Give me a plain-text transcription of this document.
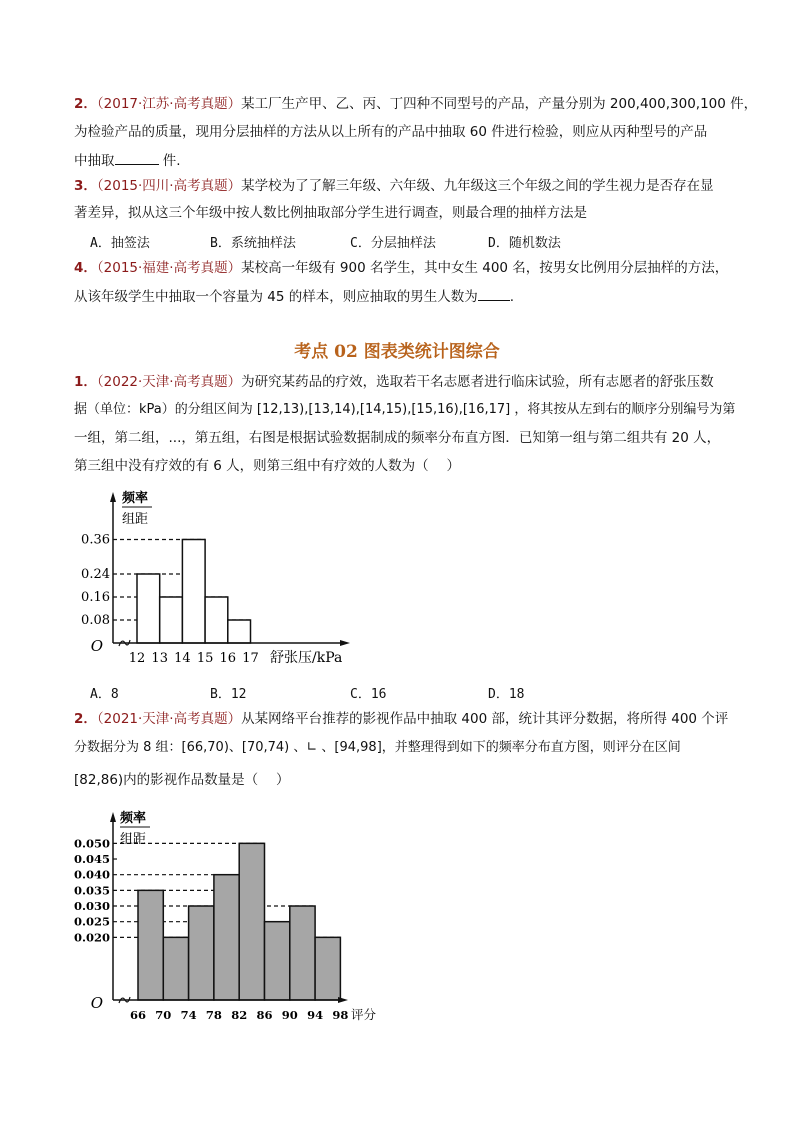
2．（2017·江苏·高考真题）某工厂生产甲、乙、丙、丁四种不同型号的产品，产量分别为 200,400,300,100 件，
为检验产品的质量，现用分层抽样的方法从以上所有的产品中抽取 60 件进行检验，则应从丙种型号的产品
中抽取	件.
3．（2015·四川·高考真题）某学校为了了解三年级、六年级、九年级这三个年级之间的学生视力是否存在显
著差异，拟从这三个年级中按人数比例抽取部分学生进行调查，则最合理的抽样方法是
A．抽签法	B．系统抽样法	C．分层抽样法	D．随机数法
4．（2015·福建·高考真题）某校高一年级有 900 名学生，其中女生 400 名，按男女比例用分层抽样的方法，
从该年级学生中抽取一个容量为 45 的样本，则应抽取的男生人数为 .
考点 02 图表类统计图综合
1．（2022·天津·高考真题）为研究某药品的疗效，选取若干名志愿者进行临床试验，所有志愿者的舒张压数
据（单位：kPa）的分组区间为 [12,13),[13,14),[14,15),[15,16),[16,17] ，将其按从左到右的顺序分别编号为第
一组，第二组，...，第五组，右图是根据试验数据制成的频率分布直方图．已知第一组与第二组共有 20 人，
第三组中没有疗效的有 6 人，则第三组中有疗效的人数为（　 ）
0.08
0.16
0.24
0.36
O
12 13 14 15 16 17 舒张压/kPa
频率
组距
0.020
0.025
0.030
0.035
0.040
0.045
0.050
O
66 70 74 78 82 86 90 94 98 评分
频率
组距
A．8	B．12	C．16	D．18
2．（2021·天津·高考真题）从某网络平台推荐的影视作品中抽取 400 部，统计其评分数据，将所得 400 个评
分数据分为 8 组：[66,70)、[70,74) 、∟ 、[94,98]，并整理得到如下的频率分布直方图，则评分在区间
[82,86)内的影视作品数量是（　 ）
